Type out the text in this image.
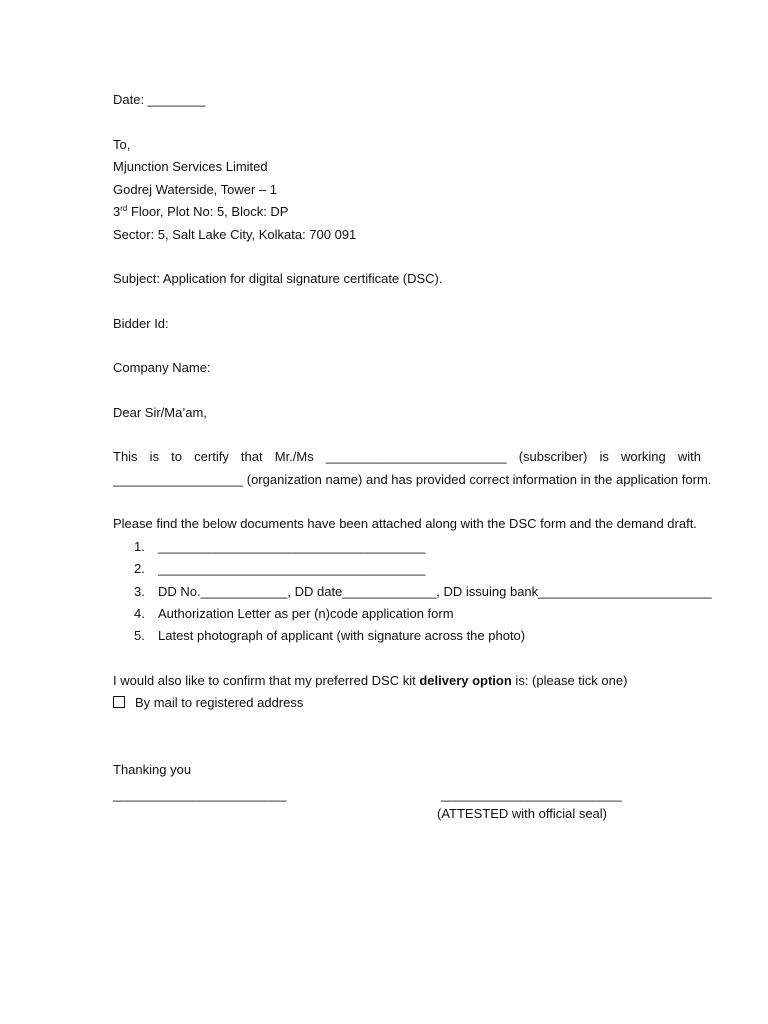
Date: ________
To,
Mjunction Services Limited
Godrej Waterside, Tower – 1
3rd Floor, Plot No: 5, Block: DP
Sector: 5, Salt Lake City, Kolkata: 700 091
Subject: Application for digital signature certificate (DSC).
Bidder Id:
Company Name:
Dear Sir/Ma’am,
This is to certify that Mr./Ms _________________________ (subscriber) is working with
__________________ (organization name) and has provided correct information in the application form.
Please find the below documents have been attached along with the DSC form and the demand draft.
1. _____________________________________
2. _____________________________________
3. DD No.____________, DD date_____________, DD issuing bank________________________
4. Authorization Letter as per (n)code application form
5. Latest photograph of applicant (with signature across the photo)
I would also like to confirm that my preferred DSC kit delivery option is: (please tick one)
By mail to registered address
Thanking you
________________________	_________________________
(ATTESTED with official seal)
